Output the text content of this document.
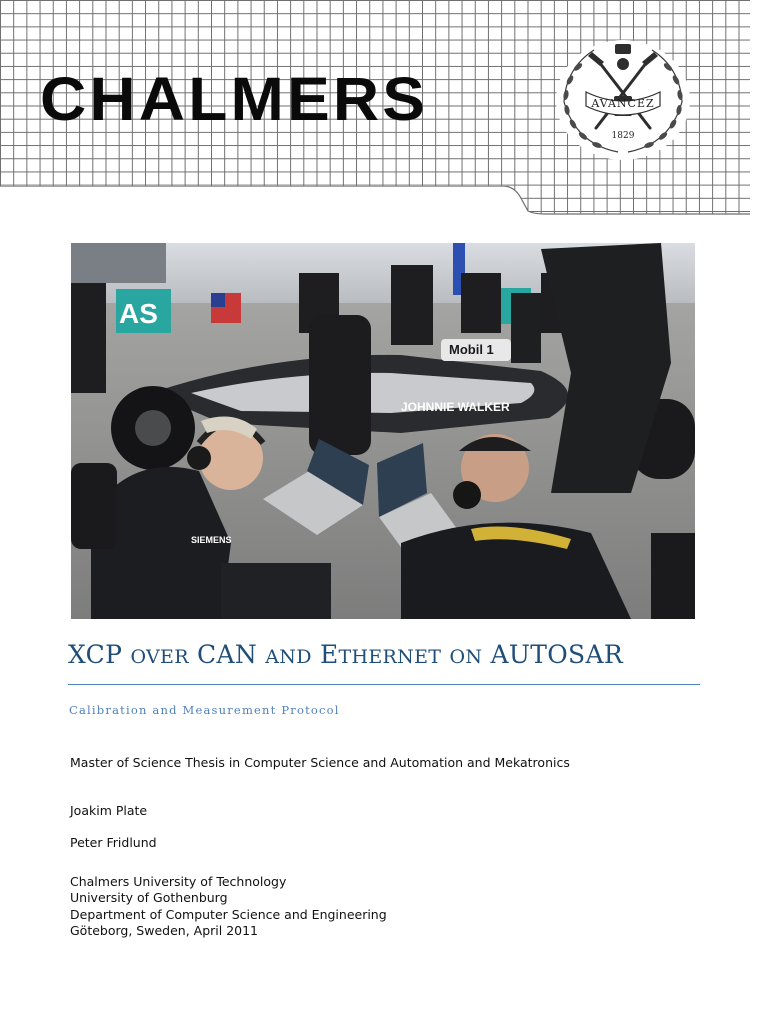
CHALMERS	AVANCEZ
1829
AS
Mobil 1
JOHNNIE WALKER
SIEMENS
XCP OVER CAN AND ETHERNET ON AUTOSAR
Calibration and Measurement Protocol
Master of Science Thesis in Computer Science and Automation and Mekatronics
Joakim Plate
Peter Fridlund
Chalmers University of Technology
University of Gothenburg
Department of Computer Science and Engineering
Göteborg, Sweden, April 2011
